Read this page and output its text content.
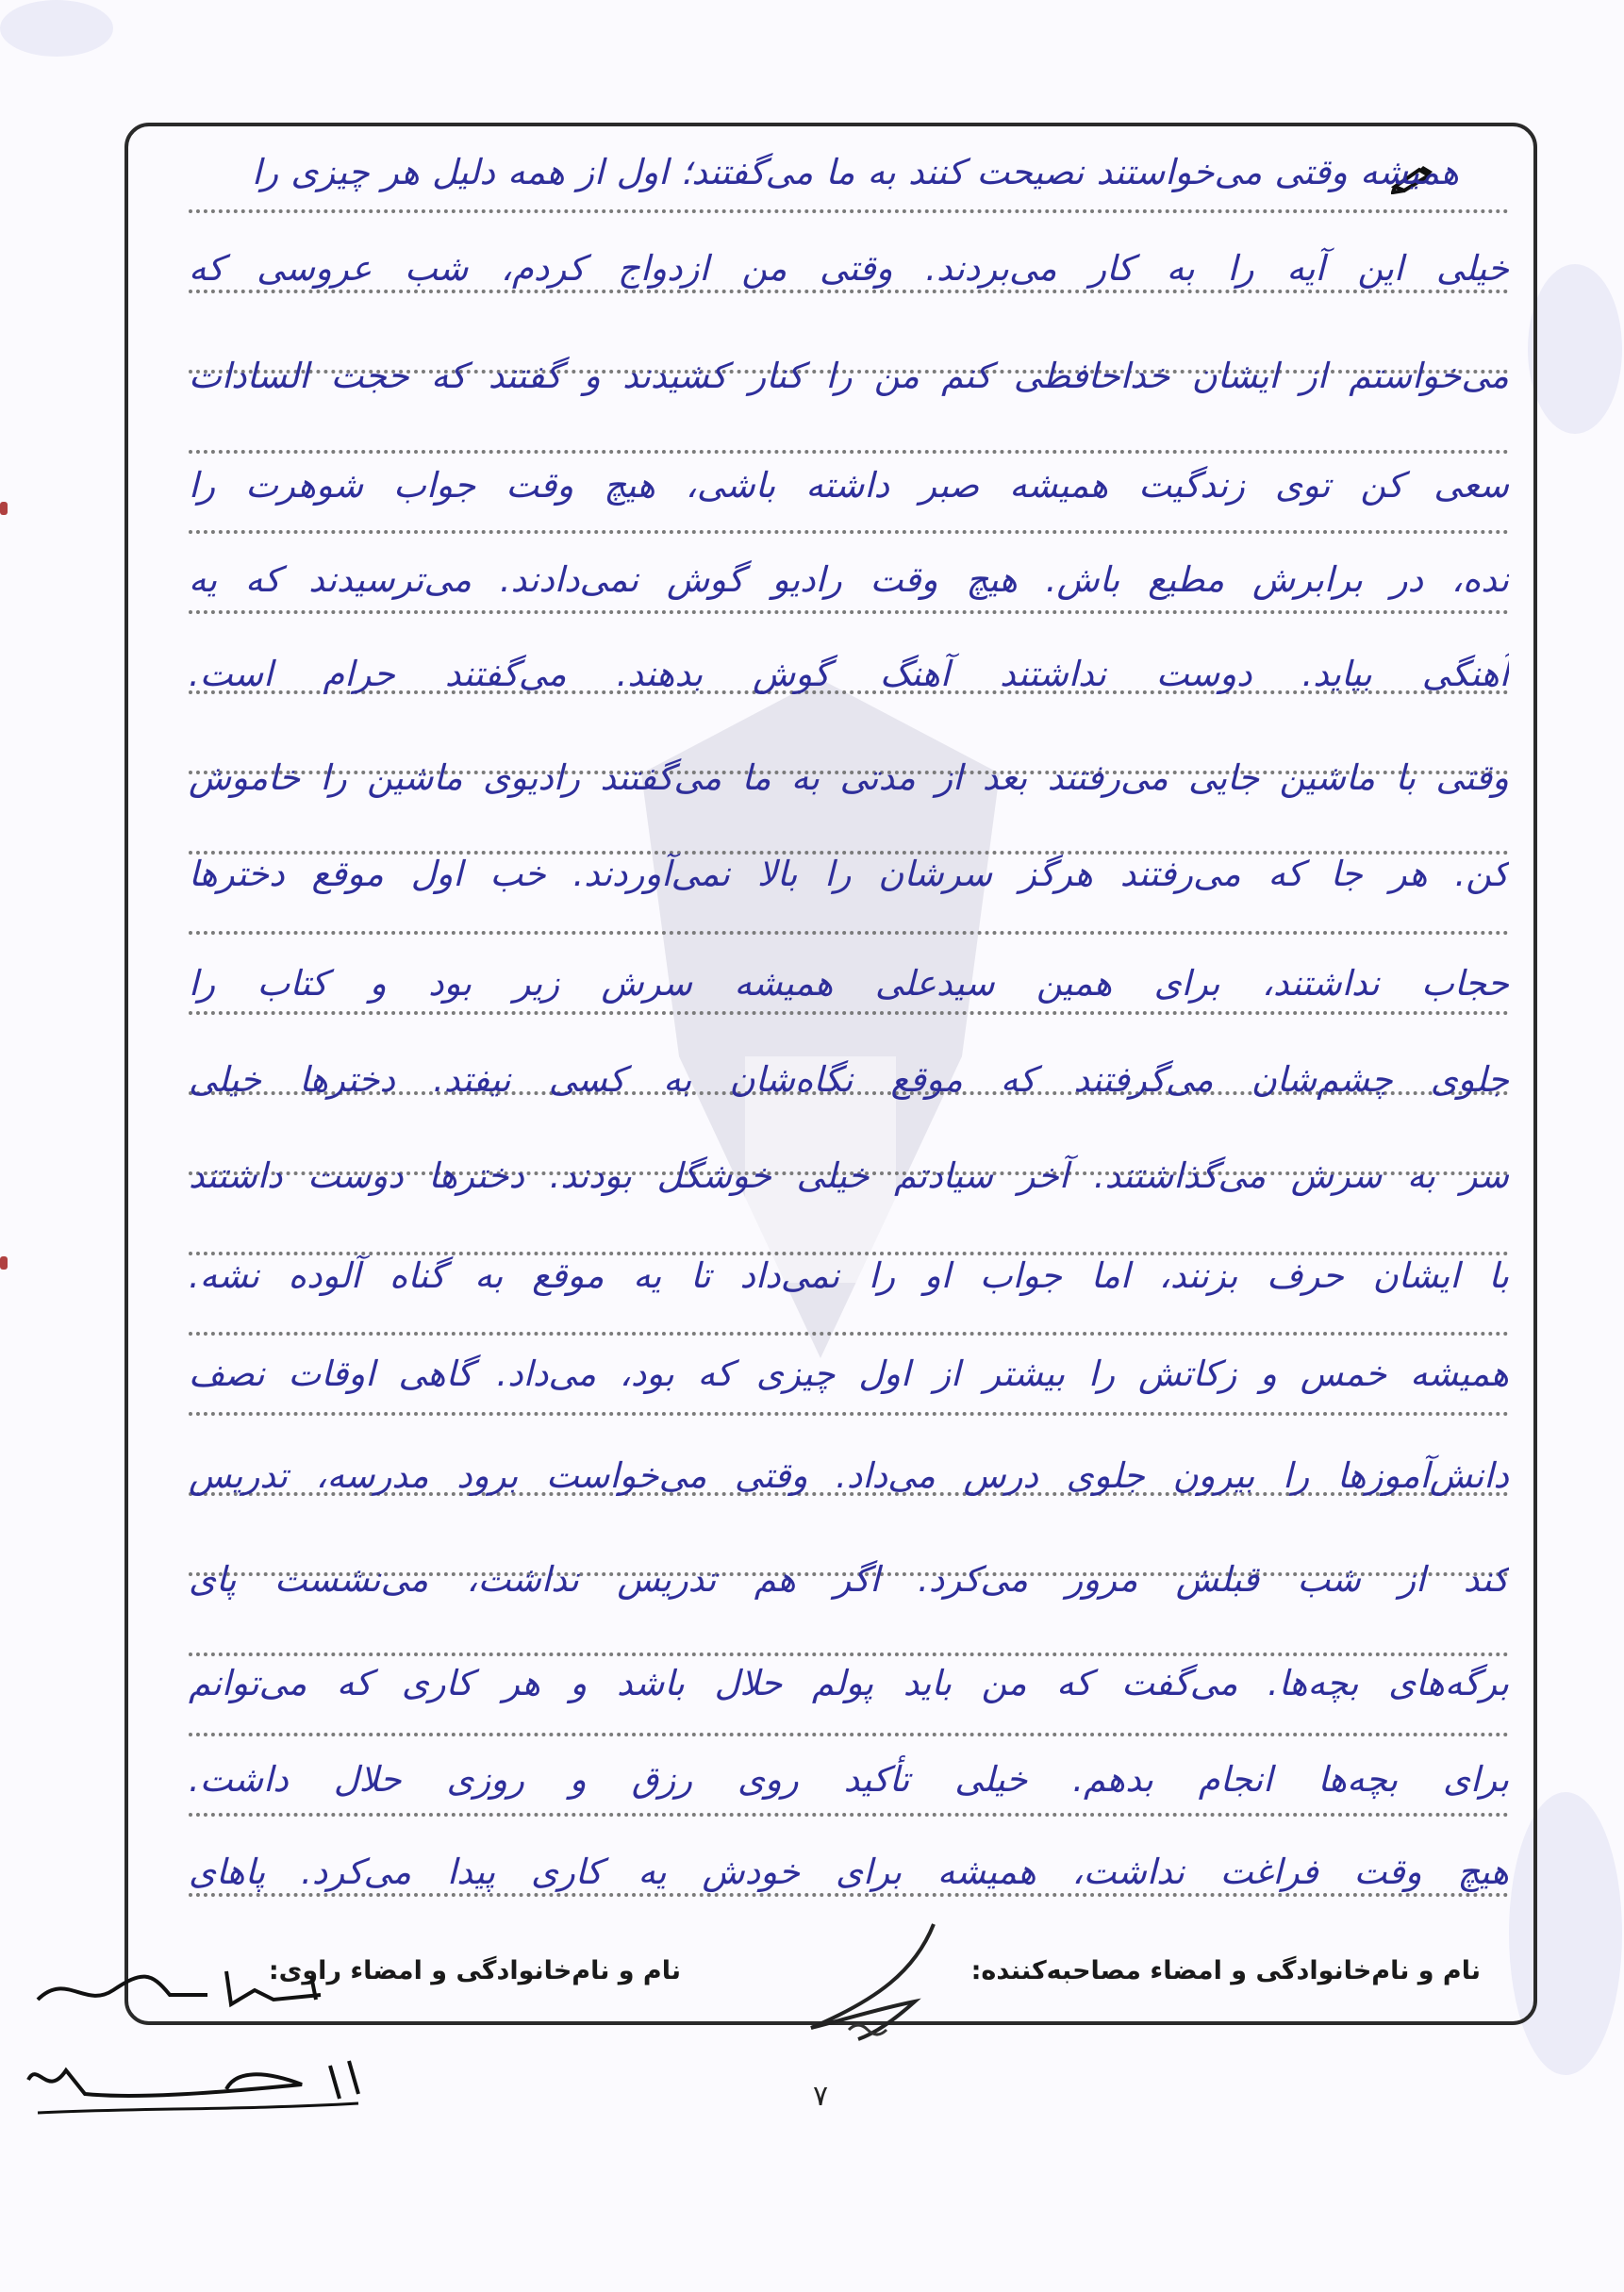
همیشه وقتی می‌خواستند نصیحت کنند به ما می‌گفتند؛ اول از همه دلیل هر چیزی را
خیلی این آیه را به کار می‌بردند. وقتی من ازدواج کردم، شب عروسی که
می‌خواستم از ایشان خداحافظی کنم من را کنار کشیدند و گفتند که حجت السادات
سعی کن توی زندگیت همیشه صبر داشته باشی، هیچ وقت جواب شوهرت را
نده، در برابرش مطیع باش. هیچ وقت رادیو گوش نمی‌دادند. می‌ترسیدند که یه
آهنگی بیاید. دوست نداشتند آهنگ گوش بدهند. می‌گفتند حرام است.
وقتی با ماشین جایی می‌رفتند بعد از مدتی به ما می‌گفتند رادیوی ماشین را خاموش
کن. هر جا که می‌رفتند هرگز سرشان را بالا نمی‌آوردند. خب اول موقع دخترها
حجاب نداشتند، برای همین سیدعلی همیشه سرش زیر بود و کتاب را
جلوی چشم‌شان می‌گرفتند که موقع نگاه‌شان به کسی نیفتد. دخترها خیلی
سر به سرش می‌گذاشتند. آخر سیادتم خیلی خوشگل بودند. دخترها دوست داشتند
با ایشان حرف بزنند، اما جواب او را نمی‌داد تا یه موقع به گناه آلوده نشه.
همیشه خمس و زکاتش را بیشتر از اول چیزی که بود، می‌داد. گاهی اوقات نصف
دانش‌آموزها را بیرون جلوی درس می‌داد. وقتی می‌خواست برود مدرسه، تدریس
کند از شب قبلش مرور می‌کرد. اگر هم تدریس نداشت، می‌نشست پای
برگه‌های بچه‌ها. می‌گفت که من باید پولم حلال باشد و هر کاری که می‌توانم
برای بچه‌ها انجام بدهم. خیلی تأکید روی رزق و روزی حلال داشت.
هیچ وقت فراغت نداشت، همیشه برای خودش یه کاری پیدا می‌کرد. پاهای
نام و نام‌خانوادگی و امضاء مصاحبه‌کننده:
نام و نام‌خانوادگی و امضاء راوی:
۷
